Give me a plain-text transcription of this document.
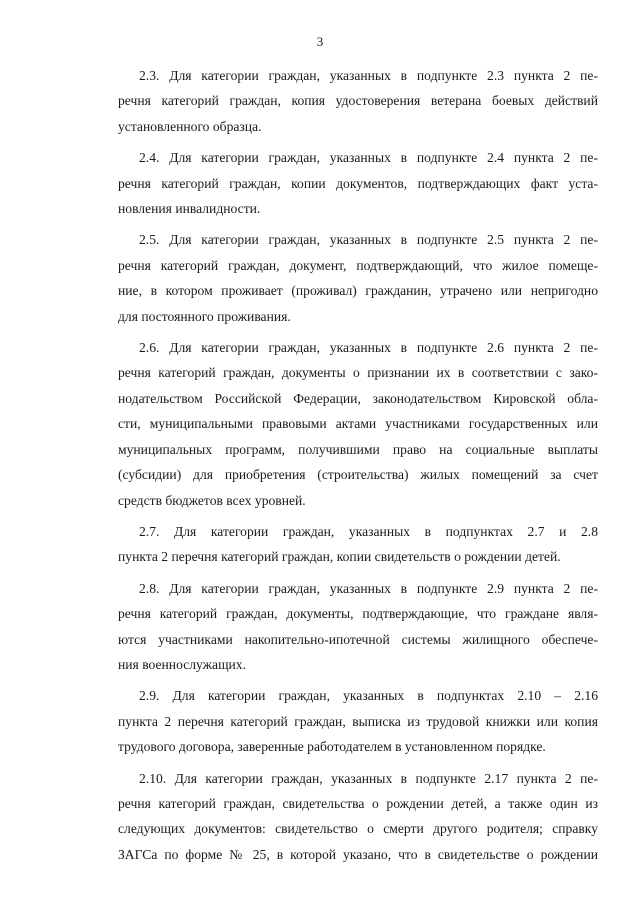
3

2.3. Для категории граждан, указанных в подпункте 2.3 пункта 2 пе-
речня категорий граждан, копия удостоверения ветерана боевых действий
установленного образца.

2.4. Для категории граждан, указанных в подпункте 2.4 пункта 2 пе-
речня категорий граждан, копии документов, подтверждающих факт уста-
новления инвалидности.

2.5. Для категории граждан, указанных в подпункте 2.5 пункта 2 пе-
речня категорий граждан, документ, подтверждающий, что жилое помеще-
ние, в котором проживает (проживал) гражданин, утрачено или непригодно
для постоянного проживания.

2.6. Для категории граждан, указанных в подпункте 2.6 пункта 2 пе-
речня категорий граждан, документы о признании их в соответствии с зако-
нодательством Российской Федерации, законодательством Кировской обла-
сти, муниципальными правовыми актами участниками государственных или
муниципальных программ, получившими право на социальные выплаты
(субсидии) для приобретения (строительства) жилых помещений за счет
средств бюджетов всех уровней.

2.7. Для категории граждан, указанных в подпунктах 2.7 и 2.8
пункта 2 перечня категорий граждан, копии свидетельств о рождении детей.

2.8. Для категории граждан, указанных в подпункте 2.9 пункта 2 пе-
речня категорий граждан, документы, подтверждающие, что граждане явля-
ются участниками накопительно-ипотечной системы жилищного обеспече-
ния военнослужащих.

2.9. Для категории граждан, указанных в подпунктах 2.10 – 2.16
пункта 2 перечня категорий граждан, выписка из трудовой книжки или копия
трудового договора, заверенные работодателем в установленном порядке.

2.10. Для категории граждан, указанных в подпункте 2.17 пункта 2 пе-
речня категорий граждан, свидетельства о рождении детей, а также один из
следующих документов: свидетельство о смерти другого родителя; справку
ЗАГСа по форме № 25, в которой указано, что в свидетельстве о рождении
